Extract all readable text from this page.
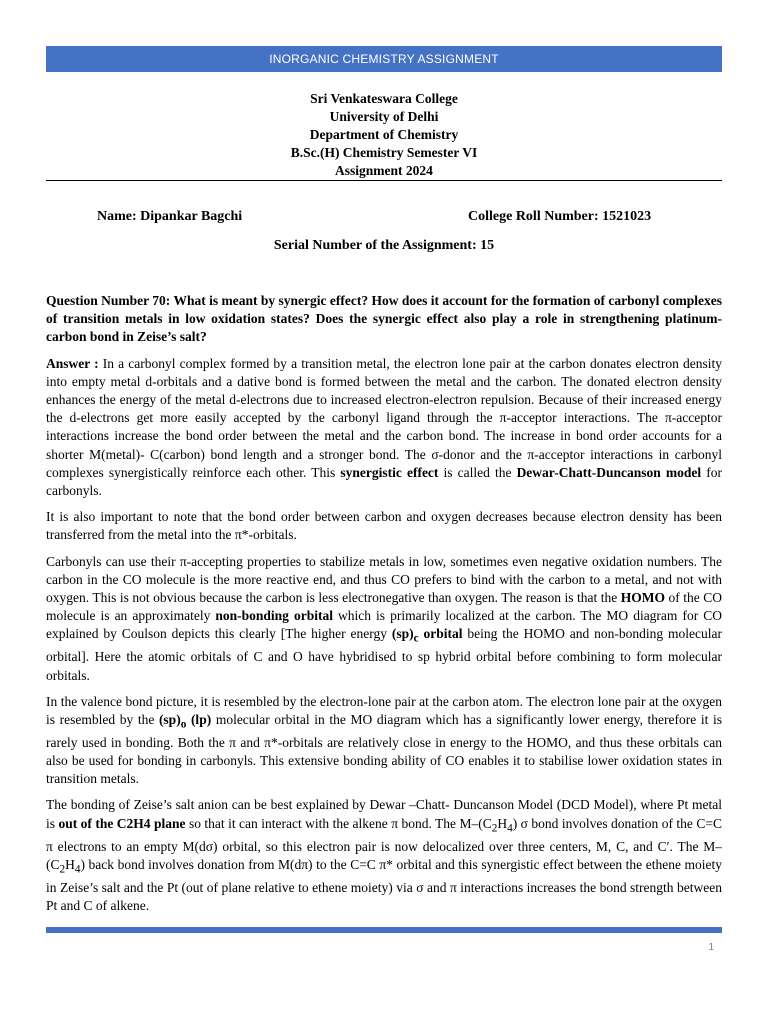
INORGANIC CHEMISTRY ASSIGNMENT
Sri Venkateswara College
University of Delhi
Department of Chemistry
B.Sc.(H) Chemistry Semester VI
Assignment 2024
Name: Dipankar Bagchi	College Roll Number: 1521023
Serial Number of the Assignment: 15

Question Number 70: What is meant by synergic effect? How does it account for the formation of carbonyl complexes of transition metals in low oxidation states? Does the synergic effect also play a role in strengthening platinum-carbon bond in Zeise’s salt?

Answer : In a carbonyl complex formed by a transition metal, the electron lone pair at the carbon donates electron density into empty metal d-orbitals and a dative bond is formed between the metal and the carbon. The donated electron density enhances the energy of the metal d-electrons due to increased electron-electron repulsion. Because of their increased energy the d-electrons get more easily accepted by the carbonyl ligand through the π-acceptor interactions. The π-acceptor interactions increase the bond order between the metal and the carbon bond. The increase in bond order accounts for a shorter M(metal)- C(carbon) bond length and a stronger bond. The σ-donor and the π-acceptor interactions in carbonyl complexes synergistically reinforce each other. This synergistic effect is called the Dewar-Chatt-Duncanson model for carbonyls.

It is also important to note that the bond order between carbon and oxygen decreases because electron density has been transferred from the metal into the π*-orbitals.

Carbonyls can use their π-accepting properties to stabilize metals in low, sometimes even negative oxidation numbers. The carbon in the CO molecule is the more reactive end, and thus CO prefers to bind with the carbon to a metal, and not with oxygen. This is not obvious because the carbon is less electronegative than oxygen. The reason is that the HOMO of the CO molecule is an approximately non-bonding orbital which is primarily localized at the carbon. The MO diagram for CO explained by Coulson depicts this clearly [The higher energy $(sp)_c$ orbital being the HOMO and non-bonding molecular orbital]. Here the atomic orbitals of C and O have hybridised to sp hybrid orbital before combining to form molecular orbitals.

In the valence bond picture, it is resembled by the electron-lone pair at the carbon atom. The electron lone pair at the oxygen is resembled by the $(sp)_o$ (lp) molecular orbital in the MO diagram which has a significantly lower energy, therefore it is rarely used in bonding. Both the π and π*-orbitals are relatively close in energy to the HOMO, and thus these orbitals can also be used for bonding in carbonyls. This extensive bonding ability of CO enables it to stabilise lower oxidation states in transition metals.

The bonding of Zeise’s salt anion can be best explained by Dewar –Chatt- Duncanson Model (DCD Model), where Pt metal is out of the C2H4 plane so that it can interact with the alkene π bond. The $M-(C_2H_4)$ σ bond involves donation of the C=C π electrons to an empty M(dσ) orbital, so this electron pair is now delocalized over three centers, M, C, and C′. The $M-(C_2H_4)$ back bond involves donation from M(dπ) to the C=C π* orbital and this synergistic effect between the ethene moiety in Zeise’s salt and the Pt (out of plane relative to ethene moiety) via σ and π interactions increases the bond strength between Pt and C of alkene.

1
